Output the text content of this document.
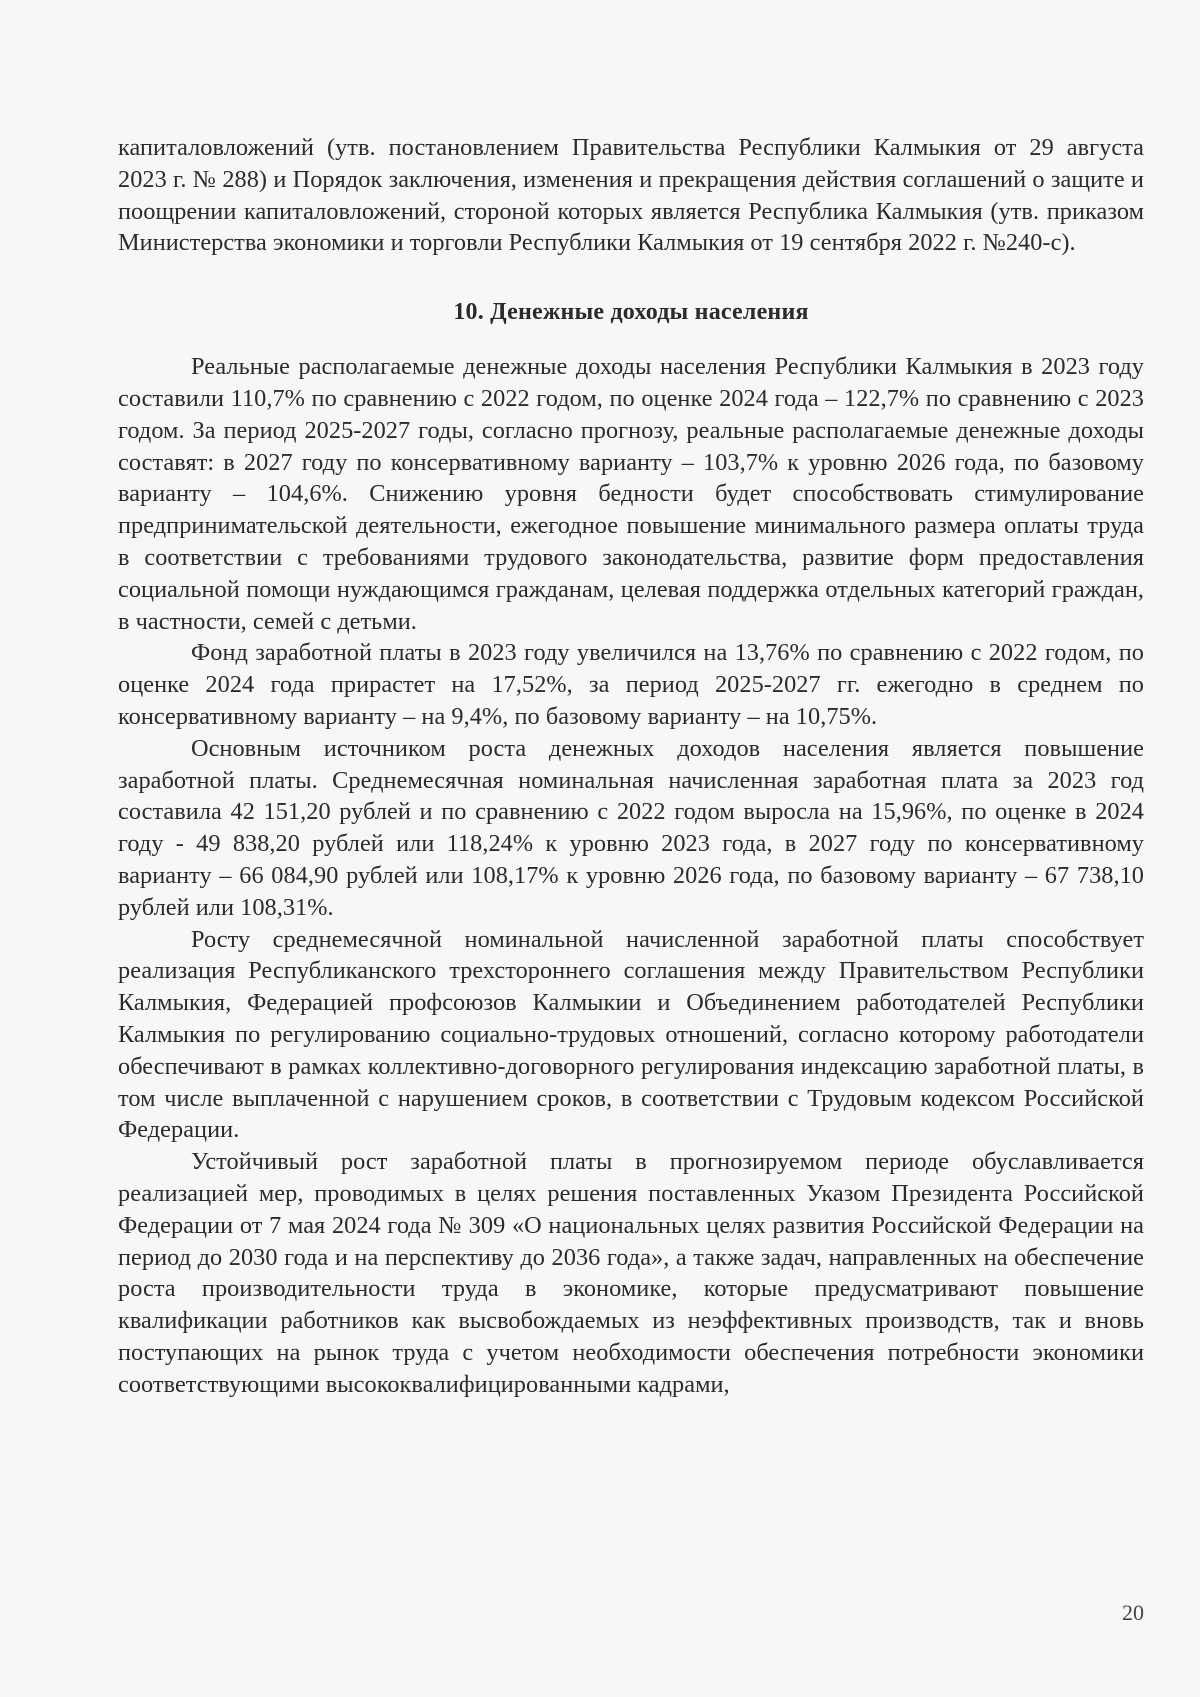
капиталовложений (утв. постановлением Правительства Республики Калмыкия от 29 августа 2023 г. № 288) и Порядок заключения, изменения и прекращения действия соглашений о защите и поощрении капиталовложений, стороной которых является Республика Калмыкия (утв. приказом Министерства экономики и торговли Республики Калмыкия от 19 сентября 2022 г. №240-с).

10. Денежные доходы населения

Реальные располагаемые денежные доходы населения Республики Калмыкия в 2023 году составили 110,7% по сравнению с 2022 годом, по оценке 2024 года – 122,7% по сравнению с 2023 годом. За период 2025-2027 годы, согласно прогнозу, реальные располагаемые денежные доходы составят: в 2027 году по консервативному варианту – 103,7% к уровню 2026 года, по базовому варианту – 104,6%. Снижению уровня бедности будет способствовать стимулирование предпринимательской деятельности, ежегодное повышение минимального размера оплаты труда в соответствии с требованиями трудового законодательства, развитие форм предоставления социальной помощи нуждающимся гражданам, целевая поддержка отдельных категорий граждан, в частности, семей с детьми.

Фонд заработной платы в 2023 году увеличился на 13,76% по сравнению с 2022 годом, по оценке 2024 года прирастет на 17,52%, за период 2025-2027 гг. ежегодно в среднем по консервативному варианту – на 9,4%, по базовому варианту – на 10,75%.

Основным источником роста денежных доходов населения является повышение заработной платы. Среднемесячная номинальная начисленная заработная плата за 2023 год составила 42 151,20 рублей и по сравнению с 2022 годом выросла на 15,96%, по оценке в 2024 году - 49 838,20 рублей или 118,24% к уровню 2023 года, в 2027 году по консервативному варианту – 66 084,90 рублей или 108,17% к уровню 2026 года, по базовому варианту – 67 738,10 рублей или 108,31%.

Росту среднемесячной номинальной начисленной заработной платы способствует реализация Республиканского трехстороннего соглашения между Правительством Республики Калмыкия, Федерацией профсоюзов Калмыкии и Объединением работодателей Республики Калмыкия по регулированию социально-трудовых отношений, согласно которому работодатели обеспечивают в рамках коллективно-договорного регулирования индексацию заработной платы, в том числе выплаченной с нарушением сроков, в соответствии с Трудовым кодексом Российской Федерации.

Устойчивый рост заработной платы в прогнозируемом периоде обуславливается реализацией мер, проводимых в целях решения поставленных Указом Президента Российской Федерации от 7 мая 2024 года № 309 «О национальных целях развития Российской Федерации на период до 2030 года и на перспективу до 2036 года», а также задач, направленных на обеспечение роста производительности труда в экономике, которые предусматривают повышение квалификации работников как высвобождаемых из неэффективных производств, так и вновь поступающих на рынок труда с учетом необходимости обеспечения потребности экономики соответствующими высококвалифицированными кадрами,

20
